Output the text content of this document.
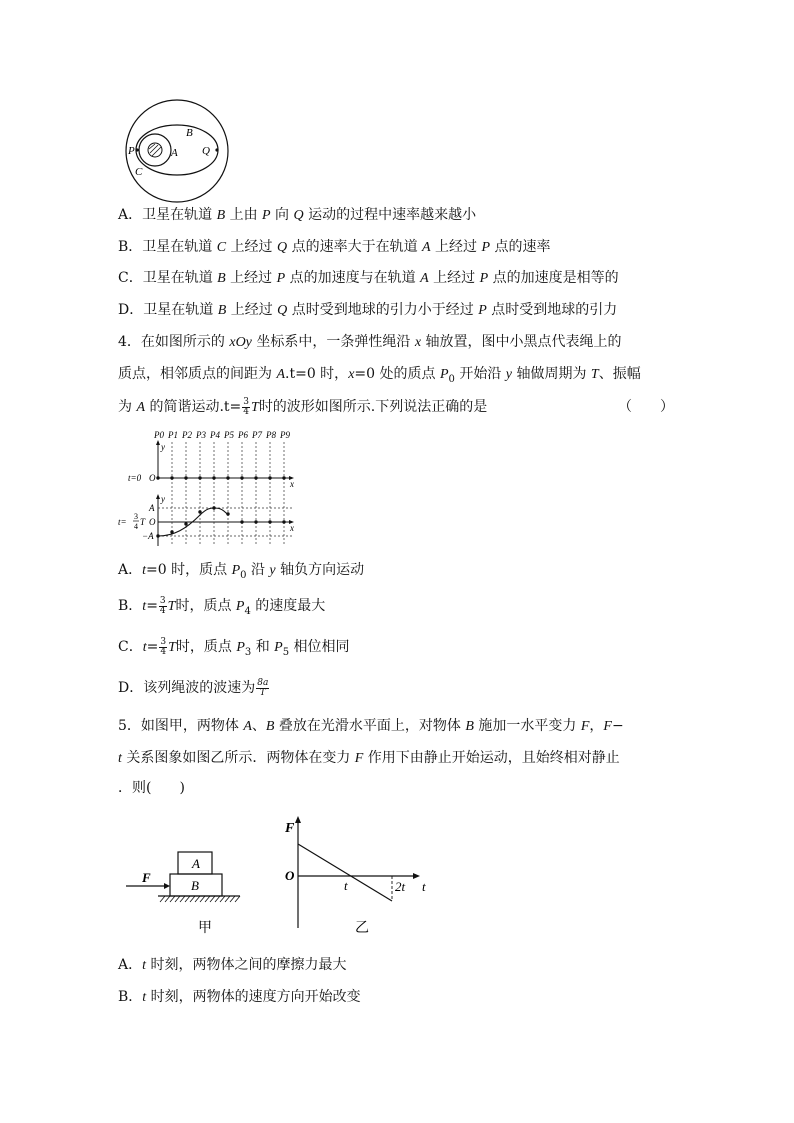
B
P	A Q
C
A．卫星在轨道 B 上由 P 向 Q 运动的过程中速率越来越小
B．卫星在轨道 C 上经过 Q 点的速率大于在轨道 A 上经过 P 点的速率
C．卫星在轨道 B 上经过 P 点的加速度与在轨道 A 上经过 P 点的加速度是相等的
D．卫星在轨道 B 上经过 Q 点时受到地球的引力小于经过 P 点时受到地球的引力
4．在如图所示的 xOy 坐标系中，一条弹性绳沿 x 轴放置，图中小黑点代表绳上的
质点，相邻质点的间距为 A.t=0 时，x=0 处的质点 $P_0$ 开始沿 y 轴做周期为 T、振幅
为 A 的简谐运动$.t= \frac{3}{4}$ T时的波形如图所示.下列说法正确的是	（　　）
P0 P1 P2 P3 P4 P5 P6 P7 P8 P9
y
x
t=0 O
y
x
O
A
−A
t=
3
4 T
A．t=0 时，质点 $P_0$ 沿 y 轴负方向运动
B．$t= \frac{3}{4}$ T时，质点 $P_4$ 的速度最大
C．$t= \frac{3}{4}$ T时，质点 $P_3$ 和 $P_5$ 相位相同
D．该列绳波的波速为 $\frac{8a}{T}$
5．如图甲，两物体 A、B 叠放在光滑水平面上，对物体 B 施加一水平变力 F，F−
t 关系图象如图乙所示．两物体在变力 F 作用下由静止开始运动，且始终相对静止
．则(　　)
A
B
F
甲
F
t
O
t	2t
乙
A．t 时刻，两物体之间的摩擦力最大
B．t 时刻，两物体的速度方向开始改变
